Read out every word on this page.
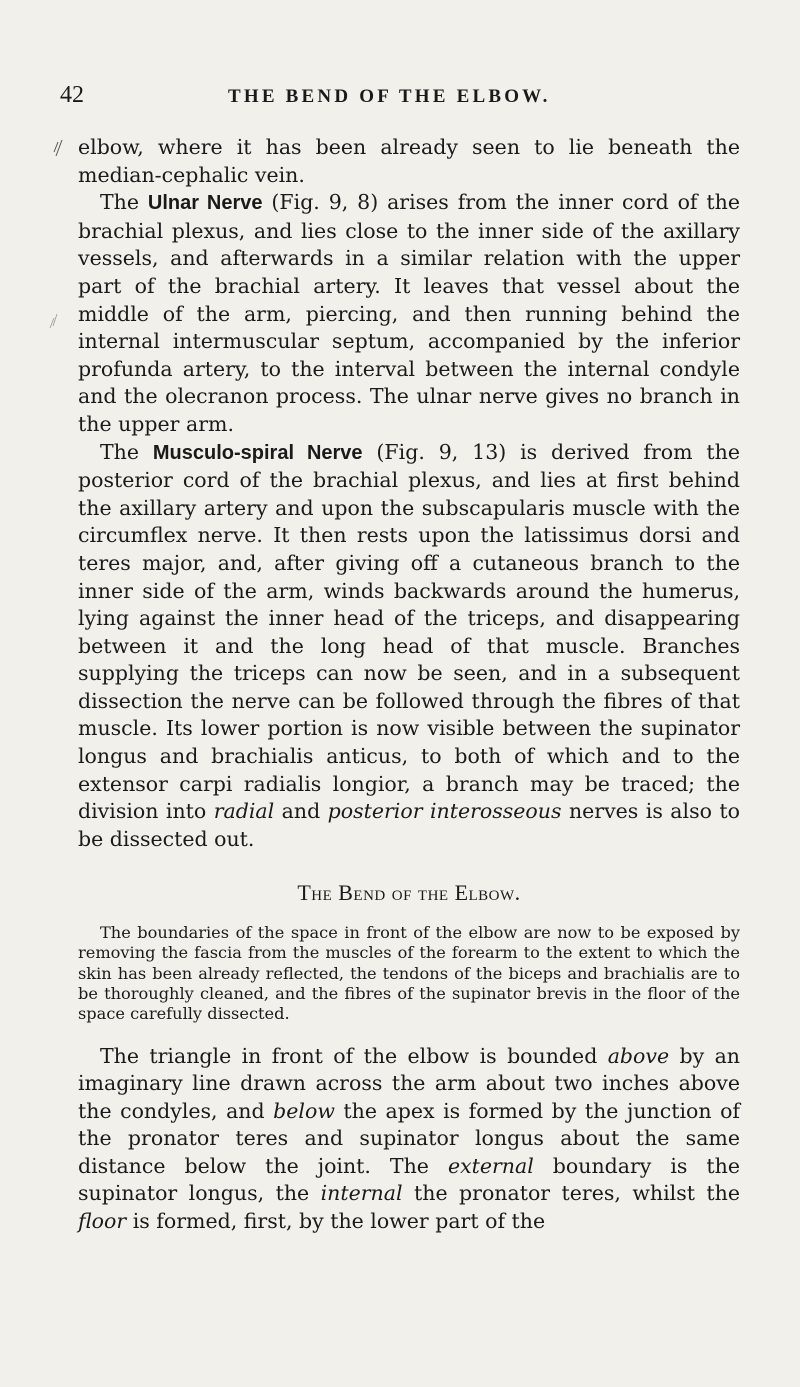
42	THE BEND OF THE ELBOW.

elbow, where it has been already seen to lie beneath the median-cephalic vein.

The Ulnar Nerve (Fig. 9, 8) arises from the inner cord of the brachial plexus, and lies close to the inner side of the axillary vessels, and afterwards in a similar relation with the upper part of the brachial artery. It leaves that vessel about the middle of the arm, piercing, and then running behind the internal intermuscular septum, accompanied by the inferior profunda artery, to the interval between the internal condyle and the olecranon process. The ulnar nerve gives no branch in the upper arm.

The Musculo-spiral Nerve (Fig. 9, 13) is derived from the posterior cord of the brachial plexus, and lies at first behind the axillary artery and upon the subscapularis muscle with the circumflex nerve. It then rests upon the latissimus dorsi and teres major, and, after giving off a cutaneous branch to the inner side of the arm, winds backwards around the humerus, lying against the inner head of the triceps, and disappearing between it and the long head of that muscle. Branches supplying the triceps can now be seen, and in a subsequent dissection the nerve can be followed through the fibres of that muscle. Its lower portion is now visible between the supinator longus and brachialis anticus, to both of which and to the extensor carpi radialis longior, a branch may be traced; the division into radial and posterior interosseous nerves is also to be dissected out.

The Bend of the Elbow.

The boundaries of the space in front of the elbow are now to be exposed by removing the fascia from the muscles of the forearm to the extent to which the skin has been already reflected, the tendons of the biceps and brachialis are to be thoroughly cleaned, and the fibres of the supinator brevis in the floor of the space carefully dissected.

The triangle in front of the elbow is bounded above by an imaginary line drawn across the arm about two inches above the condyles, and below the apex is formed by the junction of the pronator teres and supinator longus about the same distance below the joint. The external boundary is the supinator longus, the internal the pronator teres, whilst the floor is formed, first, by the lower part of the
